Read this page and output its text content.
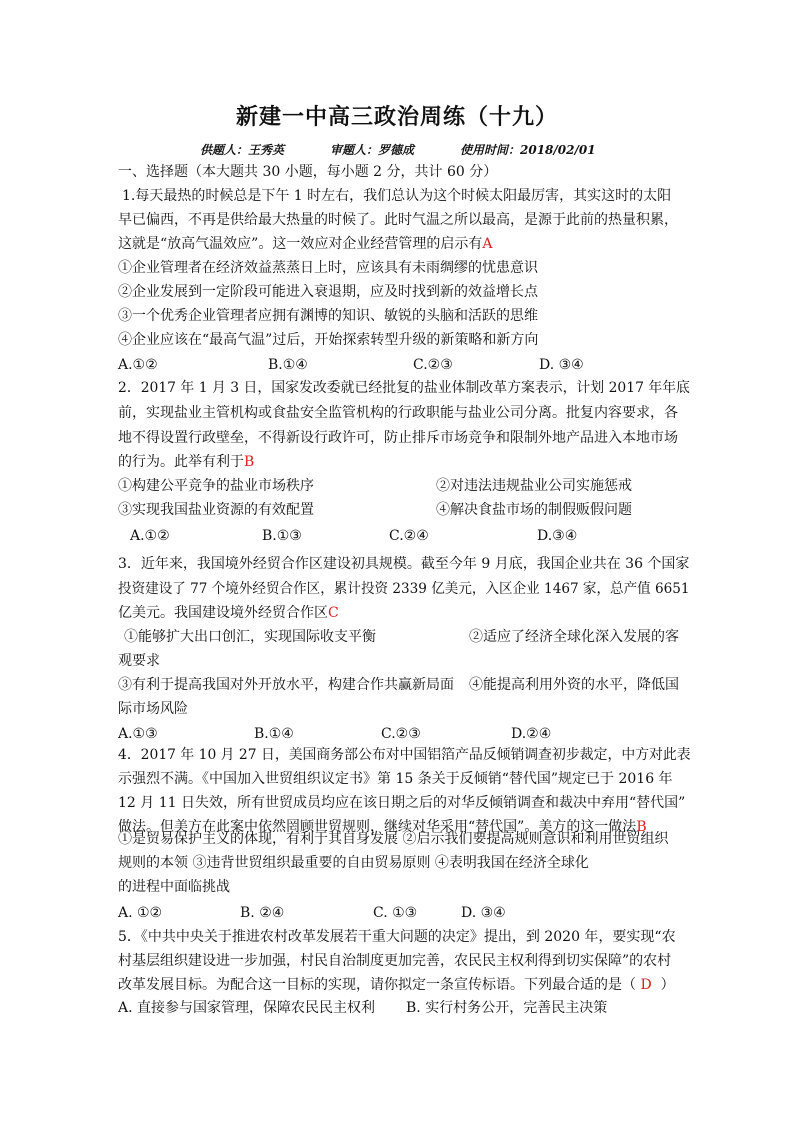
新建一中高三政治周练（十九）
供题人：王秀英	审题人：罗德成	使用时间：2018/02/01
一、选择题（本大题共 30 小题，每小题 2 分，共计 60 分）
1.每天最热的时候总是下午 1 时左右，我们总认为这个时候太阳最厉害，其实这时的太阳
早已偏西，不再是供给最大热量的时候了。此时气温之所以最高，是源于此前的热量积累，
这就是“放高气温效应”。这一效应对企业经营管理的启示有A
①企业管理者在经济效益蒸蒸日上时，应该具有未雨绸缪的忧患意识
②企业发展到一定阶段可能进入衰退期，应及时找到新的效益增长点
③一个优秀企业管理者应拥有渊博的知识、敏锐的头脑和活跃的思维
④企业应该在“最高气温”过后，开始探索转型升级的新策略和新方向
A.①②	B.①④	C.②③	D. ③④
2．2017 年 1 月 3 日，国家发改委就已经批复的盐业体制改革方案表示，计划 2017 年年底
前，实现盐业主管机构或食盐安全监管机构的行政职能与盐业公司分离。批复内容要求，各
地不得设置行政壁垒，不得新设行政许可，防止排斥市场竞争和限制外地产品进入本地市场
的行为。此举有利于B
①构建公平竞争的盐业市场秩序	②对违法违规盐业公司实施惩戒
③实现我国盐业资源的有效配置	④解决食盐市场的制假贩假问题
A.①②	B.①③	C.②④	D.③④
3．近年来，我国境外经贸合作区建设初具规模。截至今年 9 月底，我国企业共在 36 个国家
投资建设了 77 个境外经贸合作区，累计投资 2339 亿美元，入区企业 1467 家，总产值 6651
亿美元。我国建设境外经贸合作区C
①能够扩大出口创汇，实现国际收支平衡	②适应了经济全球化深入发展的客
观要求
③有利于提高我国对外开放水平，构建合作共赢新局面 ④能提高利用外资的水平，降低国
际市场风险
A.①③	B.①④	C.②③	D.②④
4．2017 年 10 月 27 日，美国商务部公布对中国铝箔产品反倾销调查初步裁定，中方对此表
示强烈不满。《中国加入世贸组织议定书》第 15 条关于反倾销“替代国”规定已于 2016 年
12 月 11 日失效，所有世贸成员均应在该日期之后的对华反倾销调查和裁决中弃用“替代国”
做法。但美方在此案中依然罔顾世贸规则，继续对华采用“替代国”。美方的这一做法B
①是贸易保护主义的体现，有利于其自身发展 ②启示我们要提高规则意识和利用世贸组织
规则的本领 ③违背世贸组织最重要的自由贸易原则 ④表明我国在经济全球化
的进程中面临挑战
A. ①②	B. ②④	C. ①③	D. ③④
5．《中共中央关于推进农村改革发展若干重大问题的决定》提出，到 2020 年，要实现“农
村基层组织建设进一步加强，村民自治制度更加完善，农民民主权利得到切实保障”的农村
改革发展目标。为配合这一目标的实现，请你拟定一条宣传标语。下列最合适的是（ D ）
A. 直接参与国家管理，保障农民民主权利 B. 实行村务公开，完善民主决策
